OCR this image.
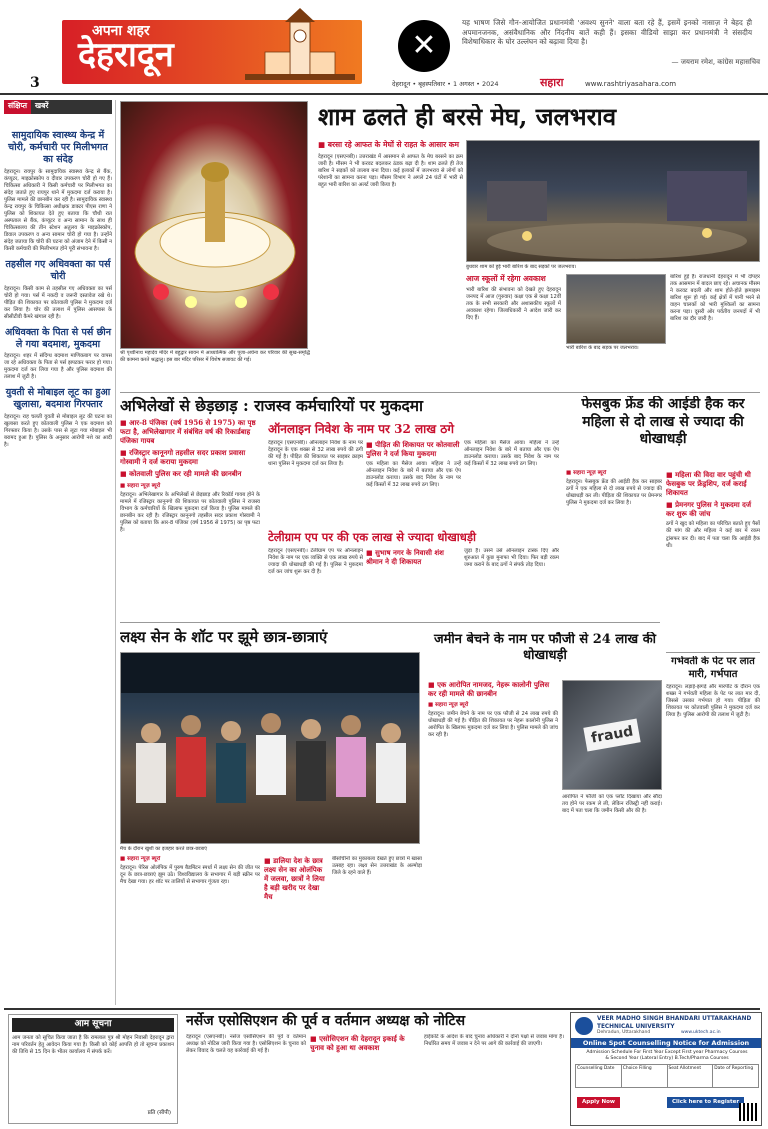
अपना शहर
देहरादून
3
✕
यह भाषण जिसे गौन-आयोजित प्रधानमंत्री 'अवश्य सुनने' वाला बता रहे हैं, इसमें इनको नासाज़ ने बेहद ही अपमानजनक, असंवैधानिक और निंदनीय बातें कही हैं। इसका वीडियो साझा कर प्रधानमंत्री ने संसदीय विशेषाधिकार के घोर उल्लंघन को बढ़ावा दिया है।
— जयराम रमेश, कांग्रेस महासचिव
देहरादून • बृहस्पतिवार • 1 अगस्त • 2024	सहारा	www.rashtriyasahara.com
संक्षिप्त	खबरें
सामुदायिक स्वास्थ्य केन्द्र में चोरी, कर्मचारी पर मिलीभगत का संदेह
देहरादून। रायपुर के सामुदायिक स्वास्थ्य केन्द्र से बैंक, कंप्यूटर, माइक्रोस्कोप व दीवार उपकरण चोरी हो गए हैं। चिकित्सा अधिकारी ने किसी कर्मचारी पर मिलीभगत का संदेह जताते हुए रायपुर थाने में मुकदमा दर्ज कराया है। पुलिस मामले की छानबीन कर रही है। सामुदायिक स्वास्थ्य केन्द्र रायपुर के चिकित्सा अधीक्षक डाक्टर पीएस राणा ने पुलिस को शिकायत देते हुए बताया कि चौथी रात अस्पताल से बैंक, कंप्यूटर व अन्य सामान के साथ ही चिकित्सालय की तीन स्टेशन अतुलय के माइक्रोस्कोप, डिवाल उपकरण व अन्य सामान चोरी हो गया है। उन्होंने संदेह जताया कि चोरी की घटना को अंजाम देने में किसी न किसी कर्मचारी की मिलीभगत होने पूरी संभावना है।
तहसील गए अधिवक्ता का पर्स चोरी
देहरादून। किसी काम से तहसील गए अधिवक्ता का पर्स चोरी हो गया। पर्स में नकदी व जरूरी दस्तावेज रखे थे। पीड़ित की शिकायत पर कोतवाली पुलिस ने मुकदमा दर्ज कर लिया है। चोर की तलाश में पुलिस आसपास के सीसीटीवी कैमरे खंगाल रही है।
अधिवक्ता के पिता से पर्स छीन ले गया बदमाश, मुकदमा
देहरादून। शहर में संदिग्ध बदमाश माणिकबाग पर वापस जा रहे अधिवक्ता के पिता से पर्स झपटकर फरार हो गया। मुकदमा दर्ज कर लिया गया है और पुलिस बदमाश की तलाश में जुटी है।
युवती से मोबाइल लूट का हुआ खुलासा, बदमाश गिरफ्तार
देहरादून। राह चलती युवती से मोबाइल लूट की घटना का खुलासा करते हुए कोतवाली पुलिस ने एक बदमाश को गिरफ्तार किया है। उसके पास से लूटा गया मोबाइल भी बरामद हुआ है। पुलिस के अनुसार आरोपी नशे का आदी है।
श्री पृथ्वीनाथ महादेव मंदिर में बहुद्वार सावन में आध्यात्मिक और पूजा-अर्चना कर परिवार की सुख-समृद्धि की कामना करते श्रद्धालु। इस बार मंदिर परिसर में विशेष सजावट की गई।
शाम ढलते ही बरसे मेघ, जलभराव
■ बरसा रहे आफत के मेघों से राहत के आसार कम
देहरादून (एसएनबी)। उत्तराखंड में आसमान से आफत के मेघ बरसने का क्रम जारी है। मौसम ने भी करवट बदलकर ठंडक बढ़ा दी है। शाम ढलते ही तेज बारिश ने सड़कों को तालाब बना दिया। कई इलाकों में जलभराव से लोगों को परेशानी का सामना करना पड़ा। मौसम विभाग ने अगले 24 घंटों में भारी से बहुत भारी बारिश का अलर्ट जारी किया है।
बुधवार शाम को हुई भारी बारिश के बाद सड़कों पर जलभराव।
आज स्कूलों में रहेगा अवकाश
भारी बारिश की संभावना को देखते हुए देहरादून जनपद में आज (गुरुवार) कक्षा एक से कक्षा 12वीं तक के सभी सरकारी और अशासकीय स्कूलों में अवकाश रहेगा। जिलाधिकारी ने आदेश जारी कर दिए हैं।
भारी बारिश के बाद सड़क पर जलभराव।
बारिश हुई है। राजधानी देहरादून में भी दोपहर तक आसमान में बादल छाए रहे। अचानक मौसम ने करवट बदली और शाम होते-होते झमाझम बारिश शुरू हो गई। कई क्षेत्रों में पानी भरने से वाहन चालकों को भारी मुश्किलों का सामना करना पड़ा। दूसरी ओर पर्वतीय जनपदों में भी बारिश का दौर जारी है।
अभिलेखों से छेड़छाड़ : राजस्व कर्मचारियों पर मुकदमा
■ आर-8 पंजिका (वर्ष 1956 से 1975) का पृष्ठ फटा है, अभिलेखागार में संबंधित वर्ष की रिकार्डबाह पंजिका गायब
■ रजिस्ट्रार कानूनगो तहसील सदर प्रकाश प्रवासा गोस्वामी ने दर्ज कराया मुकदमा
■ कोतवाली पुलिस कर रही मामले की छानबीन
■ सहारा न्यूज़ ब्यूरो
देहरादून। अभिलेखागार के अभिलेखों से छेड़छाड़ और रिकॉर्ड गायब होने के मामले में रजिस्ट्रार कानूनगो की शिकायत पर कोतवाली पुलिस ने राजस्व विभाग के कर्मचारियों के खिलाफ मुकदमा दर्ज किया है। पुलिस मामले की छानबीन कर रही है। रजिस्ट्रार कानूनगो तहसील सदर प्रकाश गोस्वामी ने पुलिस को बताया कि आर-8 पंजिका (वर्ष 1956 से 1975) का पृष्ठ फटा है।
ऑनलाइन निवेश के नाम पर 32 लाख ठगे
देहरादून (एसएनबी)। ऑनलाइन निवेश के नाम पर देहरादून के एक शख्स से 32 लाख रुपये की ठगी की गई है। पीड़ित की शिकायत पर साइबर क्राइम थाना पुलिस ने मुकदमा दर्ज कर लिया है।
■ पीड़ित की शिकायत पर कोतवाली पुलिस ने दर्ज किया मुकदमा
एक महिला का मैसेज आया। महिला ने उन्हें ऑनलाइन निवेश के बारे में बताया और एक ऐप डाउनलोड कराया। उसके बाद निवेश के नाम पर कई किस्तों में 32 लाख रुपये ठग लिए।
एक महिला का मैसेज आया। महिला ने उन्हें ऑनलाइन निवेश के बारे में बताया और एक ऐप डाउनलोड कराया। उसके बाद निवेश के नाम पर कई किस्तों में 32 लाख रुपये ठग लिए।
टेलीग्राम एप पर की एक लाख से ज्यादा धोखाधड़ी
देहरादून (एसएनबी)। टेलीग्राम एप पर ऑनलाइन निवेश के नाम पर एक व्यक्ति से एक लाख रुपये से ज्यादा की धोखाधड़ी की गई है। पुलिस ने मुकदमा दर्ज कर जांच शुरू कर दी है।
■ सुभाष नगर के निवासी शंश श्रीमान ने दी शिकायत
जुड़ा है। उसने उसे ऑनलाइन टास्क दिए और शुरुआत में कुछ मुनाफा भी दिया। फिर बड़ी रकम जमा कराने के बाद ठगों ने संपर्क तोड़ दिया।
फेसबुक फ्रेंड की आईडी हैक कर महिला से दो लाख से ज्यादा की धोखाधड़ी
■ सहारा न्यूज़ ब्यूरो
देहरादून। फेसबुक फ्रेंड की आईडी हैक कर साइबर ठगों ने एक महिला से दो लाख रुपये से ज्यादा की धोखाधड़ी कर ली। पीड़िता की शिकायत पर प्रेमनगर पुलिस ने मुकदमा दर्ज कर लिया है।
■ महिला की विदा वार पहुंची थी फेसबुक पर फ्रेंड्रशिप, दर्ज कराई शिकायत
■ प्रेमनगर पुलिस ने मुकदमा दर्ज कर शुरू की जांच
ठगों ने खुद को महिला का परिचित बताते हुए पैसों की मांग की और महिला ने कई बार में रकम ट्रांसफर कर दी। बाद में पता चला कि आईडी हैक थी।
गर्भवती के पेट पर लात मारी, गर्भपात
देहरादून। लड़ाई-झगड़े और मारपीट के दौरान एक शख्स ने गर्भवती महिला के पेट पर लात मार दी, जिससे उसका गर्भपात हो गया। पीड़िता की शिकायत पर कोतवाली पुलिस ने मुकदमा दर्ज कर लिया है। पुलिस आरोपी की तलाश में जुटी है।
लक्ष्य सेन के शॉट पर झूमे छात्र-छात्राएं
मैच के दौरान खुशी का इजहार करते छात्र-छात्राएं
■ सहारा न्यूज़ ब्यूरो
देहरादून। पेरिस ओलंपिक में पुरुष बैडमिंटन स्पर्धा में लक्ष्य सेन की जीत पर दून के छात्र-छात्राएं झूम उठे। विश्वविद्यालय के सभागार में बड़ी स्क्रीन पर मैच देखा गया। हर शॉट पर तालियों से सभागार गूंजता रहा।
■ डालिया देश के छात्र लक्ष्य सेन का ओलंपिक में जलवा, छात्रों ने लिया है बड़ी खरीद पर देखा मैच
बीसोचीनो का मुकाबला देखते हुए छात्रों में खासा उत्साह रहा। लक्ष्य सेन उत्तराखंड के अल्मोड़ा जिले के रहने वाले हैं।
जमीन बेचने के नाम पर फौजी से 24 लाख की धोखाधड़ी
■ एक आरोपित नामजद, नेहरू कालोनी पुलिस कर रही मामले की छानबीन
■ सहारा न्यूज़ ब्यूरो
देहरादून। जमीन बेचने के नाम पर एक फौजी से 24 लाख रुपये की धोखाधड़ी की गई है। पीड़ित की शिकायत पर नेहरू कालोनी पुलिस ने आरोपित के खिलाफ मुकदमा दर्ज कर लिया है। पुलिस मामले की जांच कर रही है।	fraud
आरोपित ने फौजी को एक प्लॉट दिखाया और सौदा तय होने पर रकम ले ली, लेकिन रजिस्ट्री नहीं कराई। बाद में पता चला कि जमीन किसी और की है।
आम सूचना
आम जनता को सूचित किया जाता है कि रामलाल पुत्र श्री मोहन निवासी देहरादून द्वारा नाम परिवर्तन हेतु आवेदन किया गया है। किसी को कोई आपत्ति हो तो सूचना प्रकाशन की तिथि से 15 दिन के भीतर कार्यालय में संपर्क करें।
प्रति (सीपी)
नर्सेज एसोसिएशन की पूर्व व वर्तमान अध्यक्ष को नोटिस
देहरादून (एसएनबी)। नर्सेज एसोसिएशन की पूर्व व वर्तमान अध्यक्ष को नोटिस जारी किया गया है। एसोसिएशन के चुनाव को लेकर विवाद के चलते यह कार्रवाई की गई है।
■ एसोसिएशन की देहरादून इकाई के चुनाव को हुआ था अवकाश
हाईकोर्ट के आदेश के बाद चुनाव अधिकारी ने दोनों पक्षों से जवाब मांगा है। निर्धारित समय में जवाब न देने पर आगे की कार्रवाई की जाएगी।
VEER MADHO SINGH BHANDARI UTTARAKHAND TECHNICAL UNIVERSITY
Dehradun, Uttarakhand	www.uktech.ac.in
Online Spot Counselling Notice for Admission
Admission Schedule For First Year Except First year Pharmacy Courses
& Second Year (Lateral Entry) B.Tech/Pharma Courses
Counselling Date	Choice Filling	Seat Allotment	Date of Reporting
Apply Now	Click here to Register
